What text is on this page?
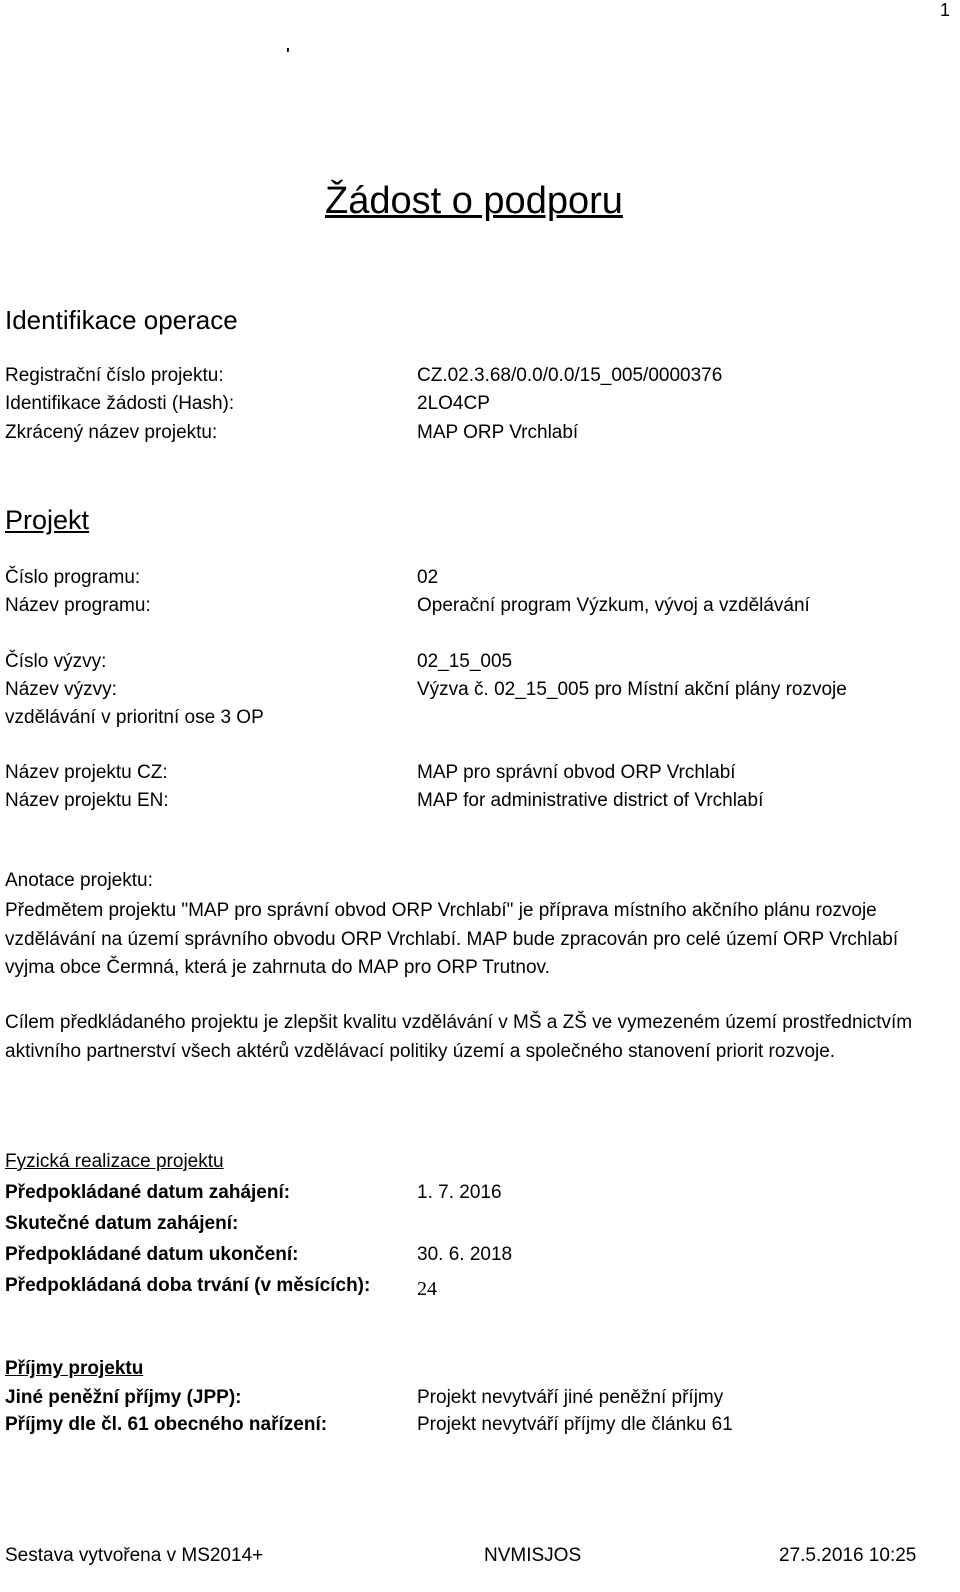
1
'
Žádost o podporu
Identifikace operace
Registrační číslo projektu:	CZ.02.3.68/0.0/0.0/15_005/0000376
Identifikace žádosti (Hash):	2LO4CP
Zkrácený název projektu:	MAP ORP Vrchlabí
Projekt
Číslo programu:	02
Název programu:	Operační program Výzkum, vývoj a vzdělávání
Číslo výzvy:	02_15_005
Název výzvy:	Výzva č. 02_15_005 pro Místní akční plány rozvoje
vzdělávání v prioritní ose 3 OP
Název projektu CZ:	MAP pro správní obvod ORP Vrchlabí
Název projektu EN:	MAP for administrative district of Vrchlabí
Anotace projektu:
Předmětem projektu "MAP pro správní obvod ORP Vrchlabí" je příprava místního akčního plánu rozvoje vzdělávání na území správního obvodu ORP Vrchlabí. MAP bude zpracován pro celé území ORP Vrchlabí vyjma obce Čermná, která je zahrnuta do MAP pro ORP Trutnov.
Cílem předkládaného projektu je zlepšit kvalitu vzdělávání v MŠ a ZŠ ve vymezeném území prostřednictvím aktivního partnerství všech aktérů vzdělávací politiky území a společného stanovení priorit rozvoje.
Fyzická realizace projektu
Předpokládané datum zahájení:	1. 7. 2016
Skutečné datum zahájení:
Předpokládané datum ukončení:	30. 6. 2018
Předpokládaná doba trvání (v měsících): 24
Příjmy projektu
Jiné peněžní příjmy (JPP):	Projekt nevytváří jiné peněžní příjmy
Příjmy dle čl. 61 obecného nařízení:	Projekt nevytváří příjmy dle článku 61
Sestava vytvořena v MS2014+	NVMISJOS	27.5.2016 10:25
